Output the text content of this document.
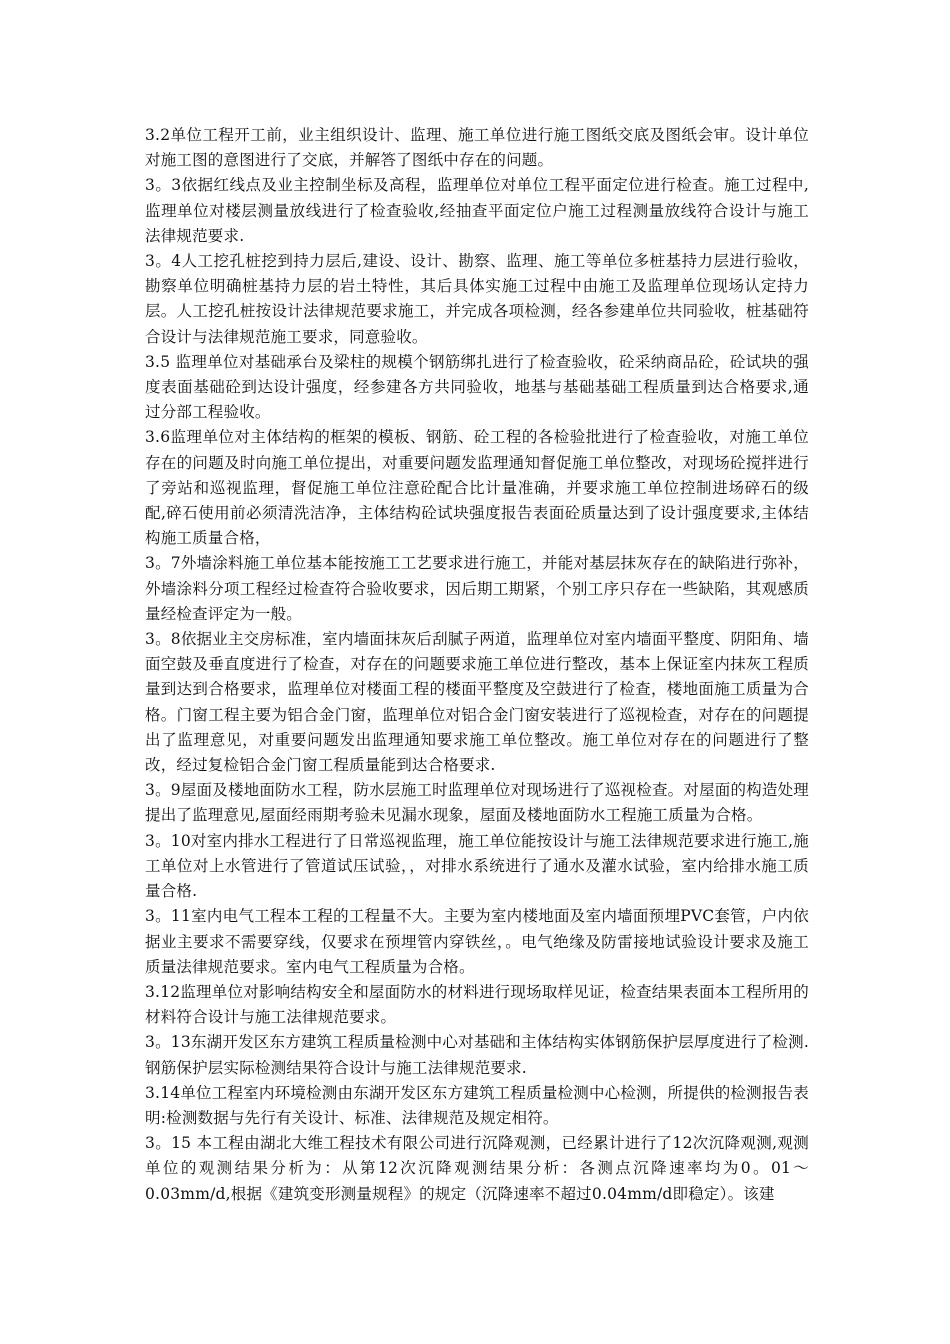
3.2单位工程开工前，业主组织设计、监理、施工单位进行施工图纸交底及图纸会审。设计单位对施工图的意图进行了交底，并解答了图纸中存在的问题。

3。3依据红线点及业主控制坐标及高程，监理单位对单位工程平面定位进行检查。施工过程中,监理单位对楼层测量放线进行了检查验收,经抽查平面定位户施工过程测量放线符合设计与施工法律规范要求.

3。4人工挖孔桩挖到持力层后,建设、设计、勘察、监理、施工等单位多桩基持力层进行验收，勘察单位明确桩基持力层的岩土特性，其后具体实施工过程中由施工及监理单位现场认定持力层。人工挖孔桩按设计法律规范要求施工，并完成各项检测，经各参建单位共同验收，桩基础符合设计与法律规范施工要求，同意验收。

3.5 监理单位对基础承台及梁柱的规模个钢筋绑扎进行了检查验收，砼采纳商品砼，砼试块的强度表面基础砼到达设计强度，经参建各方共同验收，地基与基础基础工程质量到达合格要求,通过分部工程验收。

3.6监理单位对主体结构的框架的模板、钢筋、砼工程的各检验批进行了检查验收，对施工单位存在的问题及时向施工单位提出，对重要问题发监理通知督促施工单位整改，对现场砼搅拌进行了旁站和巡视监理，督促施工单位注意砼配合比计量准确，并要求施工单位控制进场碎石的级配,碎石使用前必须清洗洁净，主体结构砼试块强度报告表面砼质量达到了设计强度要求,主体结构施工质量合格，

3。7外墙涂料施工单位基本能按施工工艺要求进行施工，并能对基层抹灰存在的缺陷进行弥补，外墙涂料分项工程经过检查符合验收要求，因后期工期紧，个别工序只存在一些缺陷，其观感质量经检查评定为一般。

3。8依据业主交房标准，室内墙面抹灰后刮腻子两道，监理单位对室内墙面平整度、阴阳角、墙面空鼓及垂直度进行了检查，对存在的问题要求施工单位进行整改，基本上保证室内抹灰工程质量到达到合格要求，监理单位对楼面工程的楼面平整度及空鼓进行了检查，楼地面施工质量为合格。门窗工程主要为铝合金门窗，监理单位对铝合金门窗安装进行了巡视检查，对存在的问题提出了监理意见，对重要问题发出监理通知要求施工单位整改。施工单位对存在的问题进行了整改，经过复检铝合金门窗工程质量能到达合格要求.

3。9屋面及楼地面防水工程，防水层施工时监理单位对现场进行了巡视检查。对屋面的构造处理提出了监理意见,屋面经雨期考验未见漏水现象，屋面及楼地面防水工程施工质量为合格。

3。10对室内排水工程进行了日常巡视监理，施工单位能按设计与施工法律规范要求进行施工,施工单位对上水管进行了管道试压试验，，对排水系统进行了通水及灌水试验，室内给排水施工质量合格.

3。11室内电气工程本工程的工程量不大。主要为室内楼地面及室内墙面预埋PVC套管，户内依据业主要求不需要穿线，仅要求在预埋管内穿铁丝，。电气绝缘及防雷接地试验设计要求及施工质量法律规范要求。室内电气工程质量为合格。

3.12监理单位对影响结构安全和屋面防水的材料进行现场取样见证，检查结果表面本工程所用的材料符合设计与施工法律规范要求。

3。13东湖开发区东方建筑工程质量检测中心对基础和主体结构实体钢筋保护层厚度进行了检测.钢筋保护层实际检测结果符合设计与施工法律规范要求.

3.14单位工程室内环境检测由东湖开发区东方建筑工程质量检测中心检测，所提供的检测报告表明:检测数据与先行有关设计、标准、法律规范及规定相符。

3。15 本工程由湖北大维工程技术有限公司进行沉降观测，已经累计进行了12次沉降观测,观测单位的观测结果分析为：从第12次沉降观测结果分析：各测点沉降速率均为0。01～0.03mm/d,根据《建筑变形测量规程》的规定（沉降速率不超过0.04mm/d即稳定）。该建
